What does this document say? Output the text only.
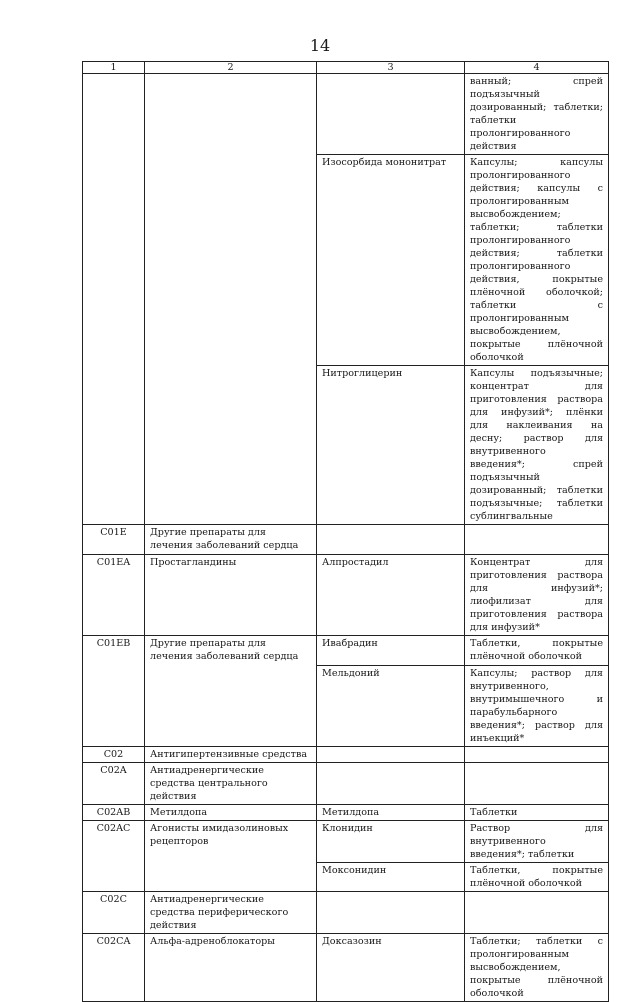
14
1	2	3	4
			ванный; спрей подъязычный дозированный; таблетки; таблетки пролонгированного действия
		Изосорбида мононитрат	Капсулы; капсулы пролонгированного действия; капсулы с пролонгированным высвобождением; таблетки; таблетки пролонгированного действия; таблетки пролонгированного действия, покрытые плёночной оболочкой; таблетки с пролонгированным высвобождением, покрытые плёночной оболочкой
		Нитроглицерин	Капсулы подъязычные; концентрат для приготовления раствора для инфузий*; плёнки для наклеивания на десну; раствор для внутривенного введения*; спрей подъязычный дозированный; таблетки подъязычные; таблетки сублингвальные
C01E	Другие препараты для лечения заболеваний сердца		
C01EA	Простагландины	Алпростадил	Концентрат для приготовления раствора для инфузий*; лиофилизат для приготовления раствора для инфузий*
C01EB	Другие препараты для лечения заболеваний сердца	Ивабрадин	Таблетки, покрытые плёночной оболочкой
		Мельдоний	Капсулы; раствор для внутривенного, внутримышечного и парабульбарного введения*; раствор для инъекций*
C02	Антигипертензивные средства		
C02A	Антиадренергические средства центрального действия		
C02AB	Метилдопа	Метилдопа	Таблетки
C02AC	Агонисты имидазолиновых рецепторов	Клонидин	Раствор для внутривенного введения*; таблетки
		Моксонидин	Таблетки, покрытые плёночной оболочкой
C02C	Антиадренергические средства периферического действия		
C02CA	Альфа-адреноблокаторы	Доксазозин	Таблетки; таблетки с пролонгированным высвобождением, покрытые плёночной оболочкой
